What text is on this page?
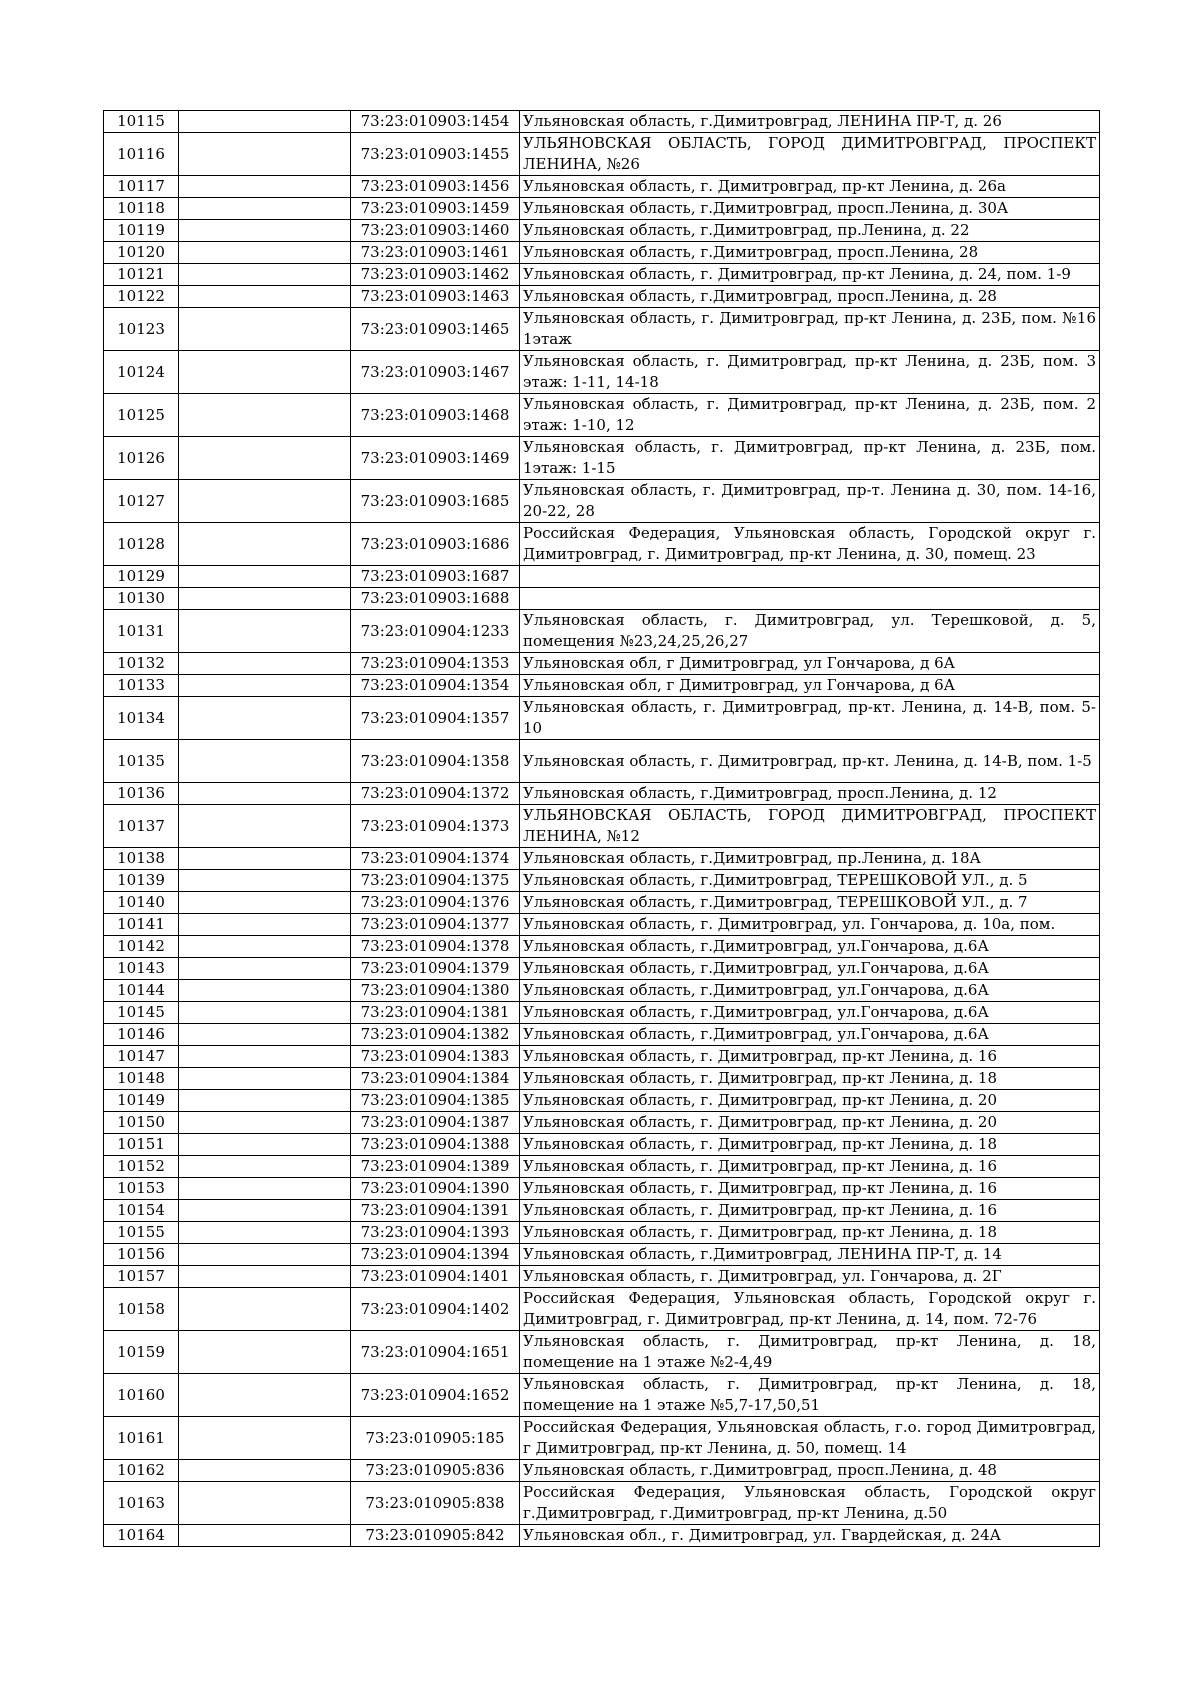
10115		73:23:010903:1454	Ульяновская область, г.Димитровград, ЛЕНИНА ПР-Т, д. 26
10116		73:23:010903:1455	УЛЬЯНОВСКАЯ ОБЛАСТЬ, ГОРОД ДИМИТРОВГРАД, ПРОСПЕКТ ЛЕНИНА, №26
10117		73:23:010903:1456	Ульяновская область, г. Димитровград, пр-кт Ленина, д. 26а
10118		73:23:010903:1459	Ульяновская область, г.Димитровград, просп.Ленина, д. 30А
10119		73:23:010903:1460	Ульяновская область, г.Димитровград, пр.Ленина, д. 22
10120		73:23:010903:1461	Ульяновская область, г.Димитровград, просп.Ленина, 28
10121		73:23:010903:1462	Ульяновская область, г. Димитровград, пр-кт Ленина, д. 24, пом. 1-9
10122		73:23:010903:1463	Ульяновская область, г.Димитровград, просп.Ленина, д. 28
10123		73:23:010903:1465	Ульяновская область, г. Димитровград, пр-кт Ленина, д. 23Б, пом. №16 1этаж
10124		73:23:010903:1467	Ульяновская область, г. Димитровград, пр-кт Ленина, д. 23Б, пом. 3 этаж: 1-11, 14-18
10125		73:23:010903:1468	Ульяновская область, г. Димитровград, пр-кт Ленина, д. 23Б, пом. 2 этаж: 1-10, 12
10126		73:23:010903:1469	Ульяновская область, г. Димитровград, пр-кт Ленина, д. 23Б, пом. 1этаж: 1-15
10127		73:23:010903:1685	Ульяновская область, г. Димитровград, пр-т. Ленина д. 30, пом. 14-16, 20-22, 28
10128		73:23:010903:1686	Российская Федерация, Ульяновская область, Городской округ г. Димитровград, г. Димитровград, пр-кт Ленина, д. 30, помещ. 23
10129		73:23:010903:1687	
10130		73:23:010903:1688	
10131		73:23:010904:1233	Ульяновская область, г. Димитровград, ул. Терешковой, д. 5, помещения №23,24,25,26,27
10132		73:23:010904:1353	Ульяновская обл, г Димитровград, ул Гончарова, д 6А
10133		73:23:010904:1354	Ульяновская обл, г Димитровград, ул Гончарова, д 6А
10134		73:23:010904:1357	Ульяновская область, г. Димитровград, пр-кт. Ленина, д. 14-В, пом. 5-10
10135		73:23:010904:1358	Ульяновская область, г. Димитровград, пр-кт. Ленина, д. 14-В, пом. 1-5
10136		73:23:010904:1372	Ульяновская область, г.Димитровград, просп.Ленина, д. 12
10137		73:23:010904:1373	УЛЬЯНОВСКАЯ ОБЛАСТЬ, ГОРОД ДИМИТРОВГРАД, ПРОСПЕКТ ЛЕНИНА, №12
10138		73:23:010904:1374	Ульяновская область, г.Димитровград, пр.Ленина, д. 18А
10139		73:23:010904:1375	Ульяновская область, г.Димитровград, ТЕРЕШКОВОЙ УЛ., д. 5
10140		73:23:010904:1376	Ульяновская область, г.Димитровград, ТЕРЕШКОВОЙ УЛ., д. 7
10141		73:23:010904:1377	Ульяновская область, г. Димитровград, ул. Гончарова, д. 10а, пом.
10142		73:23:010904:1378	Ульяновская область, г.Димитровград, ул.Гончарова, д.6А
10143		73:23:010904:1379	Ульяновская область, г.Димитровград, ул.Гончарова, д.6А
10144		73:23:010904:1380	Ульяновская область, г.Димитровград, ул.Гончарова, д.6А
10145		73:23:010904:1381	Ульяновская область, г.Димитровград, ул.Гончарова, д.6А
10146		73:23:010904:1382	Ульяновская область, г.Димитровград, ул.Гончарова, д.6А
10147		73:23:010904:1383	Ульяновская область, г. Димитровград, пр-кт Ленина, д. 16
10148		73:23:010904:1384	Ульяновская область, г. Димитровград, пр-кт Ленина, д. 18
10149		73:23:010904:1385	Ульяновская область, г. Димитровград, пр-кт Ленина, д. 20
10150		73:23:010904:1387	Ульяновская область, г. Димитровград, пр-кт Ленина, д. 20
10151		73:23:010904:1388	Ульяновская область, г. Димитровград, пр-кт Ленина, д. 18
10152		73:23:010904:1389	Ульяновская область, г. Димитровград, пр-кт Ленина, д. 16
10153		73:23:010904:1390	Ульяновская область, г. Димитровград, пр-кт Ленина, д. 16
10154		73:23:010904:1391	Ульяновская область, г. Димитровград, пр-кт Ленина, д. 16
10155		73:23:010904:1393	Ульяновская область, г. Димитровград, пр-кт Ленина, д. 18
10156		73:23:010904:1394	Ульяновская область, г.Димитровград, ЛЕНИНА ПР-Т, д. 14
10157		73:23:010904:1401	Ульяновская область, г. Димитровград, ул. Гончарова, д. 2Г
10158		73:23:010904:1402	Российская Федерация, Ульяновская область, Городской округ г. Димитровград, г. Димитровград, пр-кт Ленина, д. 14, пом. 72-76
10159		73:23:010904:1651	Ульяновская область, г. Димитровград, пр-кт Ленина, д. 18, помещение на 1 этаже №2-4,49
10160		73:23:010904:1652	Ульяновская область, г. Димитровград, пр-кт Ленина, д. 18, помещение на 1 этаже №5,7-17,50,51
10161		73:23:010905:185	Российская Федерация, Ульяновская область, г.о. город Димитровград, г Димитровград, пр-кт Ленина, д. 50, помещ. 14
10162		73:23:010905:836	Ульяновская область, г.Димитровград, просп.Ленина, д. 48
10163		73:23:010905:838	Российская Федерация, Ульяновская область, Городской округ г.Димитровград, г.Димитровград, пр-кт Ленина, д.50
10164		73:23:010905:842	Ульяновская обл., г. Димитровград, ул. Гвардейская, д. 24А
